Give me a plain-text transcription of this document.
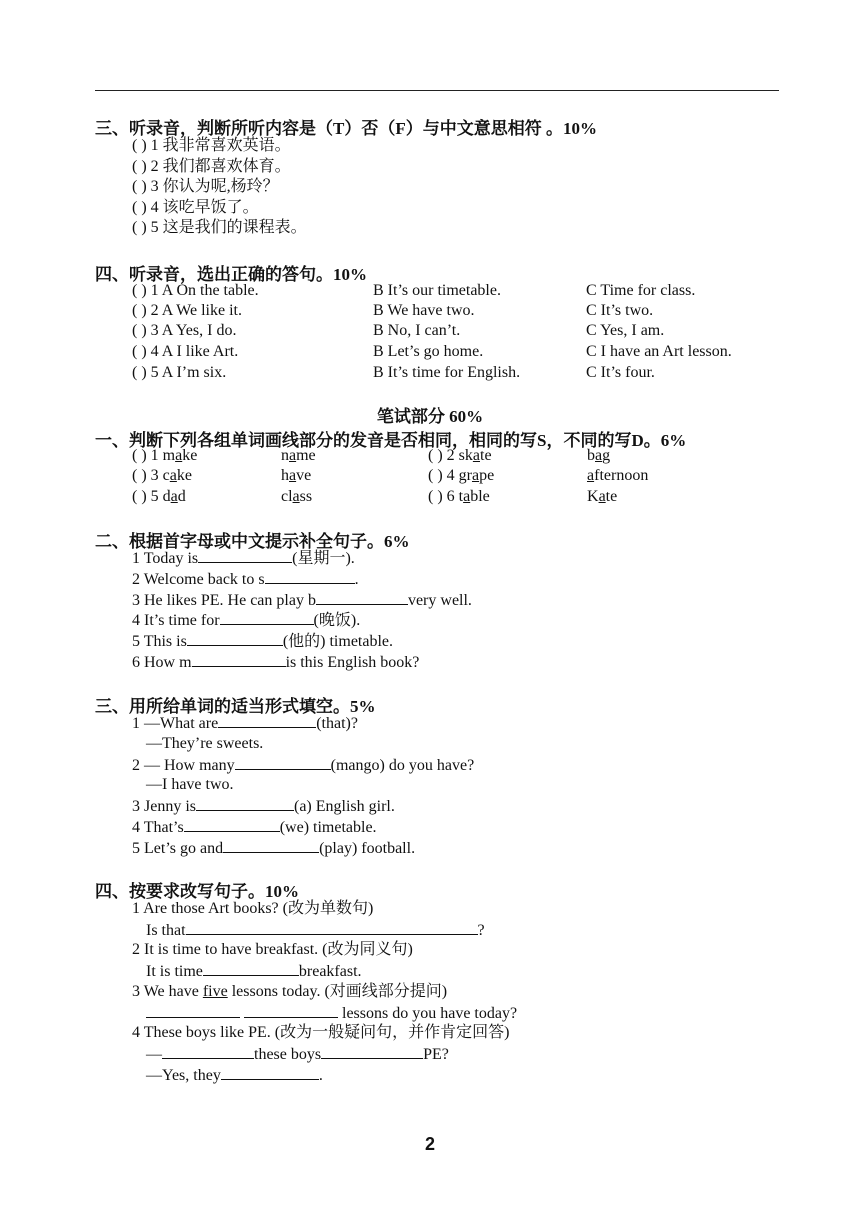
三、听录音，判断所听内容是（T）否（F）与中文意思相符 。10%
( ) 1 我非常喜欢英语。
( ) 2 我们都喜欢体育。
( ) 3 你认为呢,杨玲？
( ) 4 该吃早饭了。
( ) 5 这是我们的课程表。
四、听录音，选出正确的答句。10%
( ) 1 A On the table.	B It’s our timetable.	C Time for class.
( ) 2 A We like it.	B We have two.	C It’s two.
( ) 3 A Yes, I do.	B No, I can’t.	C Yes, I am.
( ) 4 A I like Art.	B Let’s go home.	C I have an Art lesson.
( ) 5 A I’m six.	B It’s time for English.	C It’s four.
笔试部分 60%
一、判断下列各组单词画线部分的发音是否相同，相同的写S，不同的写D。6%
( ) 1 make	name	( ) 2 skate	bag
( ) 3 cake	have	( ) 4 grape	afternoon
( ) 5 dad	class	( ) 6 table	Kate
二、根据首字母或中文提示补全句子。6%
1 Today is	(星期一).
2 Welcome back to s	.
3 He likes PE. He can play b	very well.
4 It’s time for	(晚饭).
5 This is	(他的) timetable.
6 How m	is this English book?
三、用所给单词的适当形式填空。5%
1 —What are	(that)?
—They’re sweets.
2 — How many	(mango) do you have?
—I have two.
3 Jenny is	(a) English girl.
4 That’s	(we) timetable.
5 Let’s go and	(play) football.
四、按要求改写句子。10%
1 Are those Art books? (改为单数句)
Is that	?
2 It is time to have breakfast. (改为同义句)
It is time	breakfast.
3 We have five lessons today. (对画线部分提问)
lessons do you have today?
4 These boys like PE. (改为一般疑问句，并作肯定回答)
—	these boys	PE?
—Yes, they	.
2
